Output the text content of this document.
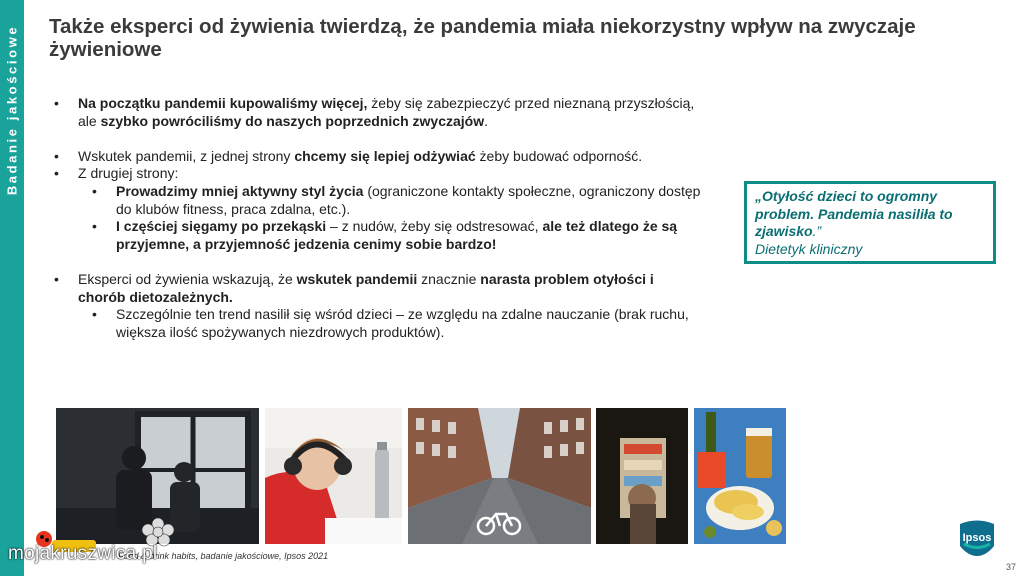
Badanie jakościowe Także eksperci od żywienia twierdzą, że pandemia miała niekorzystny wpływ na zwyczaje żywieniowe
• Na początku pandemii kupowaliśmy więcej, żeby się zabezpieczyć przed nieznaną przyszłością, ale szybko powróciliśmy do naszych poprzednich zwyczajów.
• Wskutek pandemii, z jednej strony chcemy się lepiej odżywiać żeby budować odporność.
• Z drugiej strony:
• Prowadzimy mniej aktywny styl życia (ograniczone kontakty społeczne, ograniczony dostęp do klubów fitness, praca zdalna, etc.).
• I częściej sięgamy po przekąski – z nudów, żeby się odstresować, ale też dlatego że są przyjemne, a przyjemność jedzenia cenimy sobie bardzo!
• Eksperci od żywienia wskazują, że wskutek pandemii znacznie narasta problem otyłości i chorób dietozależnych.
• Szczególnie ten trend nasilił się wśród dzieci – ze względu na zdalne nauczanie (brak ruchu, większa ilość spożywanych niezdrowych produktów).
„Otyłość dzieci to ogromny problem. Pandemia nasiliła to zjawisko.”
Dietetyk kliniczny
Food & drink habits, badanie jakościowe, Ipsos 2021
mojakruszwica.pl
Ipsos
37
